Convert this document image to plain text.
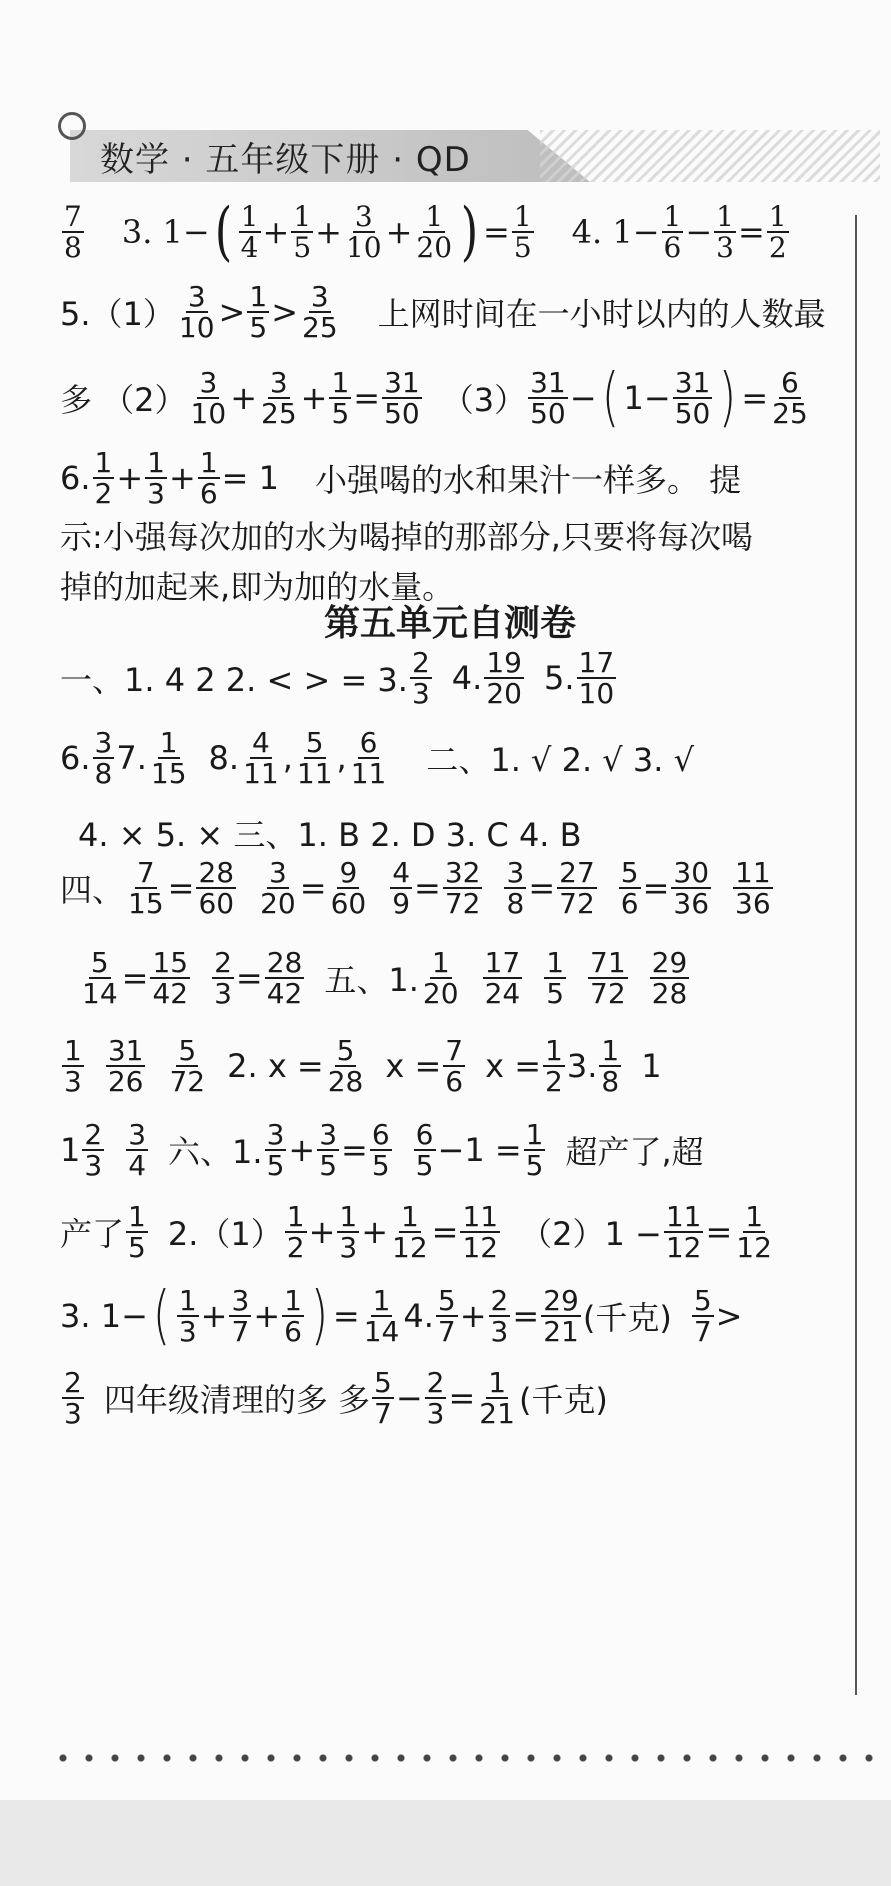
数学 · 五年级下册 · QD
$\frac{7}{8} 3$. 1− ( $\frac{1}{4} + \frac{1}{5} + \frac{3}{10} + \frac{1}{20}$ ) = $\frac{1}{5} 4$. $1- \frac{1}{6} - \frac{1}{3} = \frac{1}{2}$
$5.(1) \frac{3}{10} > \frac{1}{5} > \frac{3}{25}$ 上网时间在一小时以内的人数最
多 $(2) \frac{3}{10} + \frac{3}{25} + \frac{1}{5} = \frac{31}{50} (3) \frac{31}{50}$ − ( $1- \frac{31}{50}$ ) = $\frac{6}{25}$
6. $\frac{1}{2} + \frac{1}{3} + \frac{1}{6} = 1$ 小强喝的水和果汁一样多。 提
示:小强每次加的水为喝掉的那部分,只要将每次喝
掉的加起来,即为加的水量。
第五单元自测卷
一、1. 4 2 2. < > = 3. $\frac{2}{3} 4$. $\frac{19}{20} 5$. $\frac{17}{10}$
6. $\frac{3}{8} 7$. $\frac{1}{15} 8$. $\frac{4}{11}$ , $\frac{5}{11}$ , $\frac{6}{11}$ 二、1. √ 2. √ 3. √
4. × 5. × 三、1. B 2. D 3. C 4. B
四、 $\frac{7}{15} = \frac{28}{60} \frac{3}{20} = \frac{9}{60} \frac{4}{9} = \frac{32}{72} \frac{3}{8} = \frac{27}{72} \frac{5}{6} = \frac{30}{36} \frac{11}{36}$
$\frac{5}{14} = \frac{15}{42} \frac{2}{3} = \frac{28}{42}$ 五、1. $\frac{1}{20} \frac{17}{24} \frac{1}{5} \frac{71}{72} \frac{29}{28}$
$\frac{1}{3} \frac{31}{26} \frac{5}{72} 2$. $x = \frac{5}{28}$ $x = \frac{7}{6}$ $x = \frac{1}{2} 3$. $\frac{1}{8} 1$
$1 \frac{2}{3} \frac{3}{4}$ 六、1. $\frac{3}{5} + \frac{3}{5} = \frac{6}{5} \frac{6}{5} -1 = \frac{1}{5}$ 超产了,超
产了 $\frac{1}{5} 2.(1) \frac{1}{2} + \frac{1}{3} + \frac{1}{12} = \frac{11}{12} (2)1 - \frac{11}{12} = \frac{1}{12}$
3. 1− ( $\frac{1}{3} + \frac{3}{7} + \frac{1}{6}$ ) = $\frac{1}{14} 4$. $\frac{5}{7} + \frac{2}{3} = \frac{29}{21}$ (千克) $\frac{5}{7}$ >
$\frac{2}{3}$ 四年级清理的多 多 $\frac{5}{7} - \frac{2}{3} = \frac{1}{21}$ (千克)
